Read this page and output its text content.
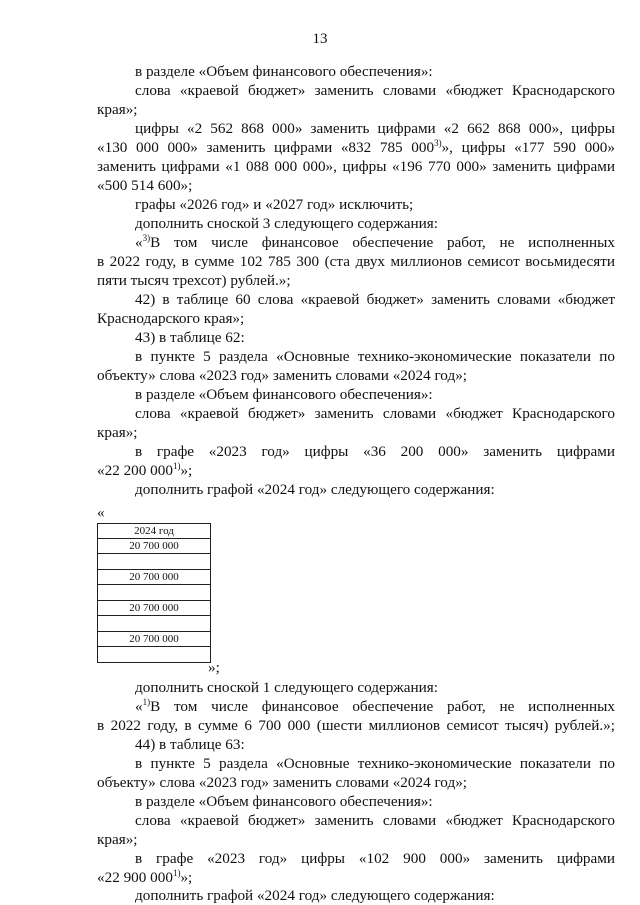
13
в разделе «Объем финансового обеспечения»:
слова «краевой бюджет» заменить словами «бюджет Краснодарского
края»;
цифры «2 562 868 000» заменить цифрами «2 662 868 000», цифры
«130 000 000» заменить цифрами «832 785 000$^{3)}$», цифры «177 590 000»
заменить цифрами «1 088 000 000», цифры «196 770 000» заменить цифрами
«500 514 600»;
графы «2026 год» и «2027 год» исключить;
дополнить сноской 3 следующего содержания:
«$^{3)}$В том числе финансовое обеспечение работ, не исполненных
в 2022 году, в сумме 102 785 300 (ста двух миллионов семисот восьмидесяти
пяти тысяч трехсот) рублей.»;
42) в таблице 60 слова «краевой бюджет» заменить словами «бюджет
Краснодарского края»;
43) в таблице 62:
в пункте 5 раздела «Основные технико-экономические показатели по
объекту» слова «2023 год» заменить словами «2024 год»;
в разделе «Объем финансового обеспечения»:
слова «краевой бюджет» заменить словами «бюджет Краснодарского
края»;
в графе «2023 год» цифры «36 200 000» заменить цифрами
«22 200 000$^{1)}$»;
дополнить графой «2024 год» следующего содержания:
«
2024 год
20 700 000

20 700 000

20 700 000

20 700 000

»;
дополнить сноской 1 следующего содержания:
«$^{1)}$В том числе финансовое обеспечение работ, не исполненных
в 2022 году, в сумме 6 700 000 (шести миллионов семисот тысяч) рублей.»;
44) в таблице 63:
в пункте 5 раздела «Основные технико-экономические показатели по
объекту» слова «2023 год» заменить словами «2024 год»;
в разделе «Объем финансового обеспечения»:
слова «краевой бюджет» заменить словами «бюджет Краснодарского
края»;
в графе «2023 год» цифры «102 900 000» заменить цифрами
«22 900 000$^{1)}$»;
дополнить графой «2024 год» следующего содержания:
